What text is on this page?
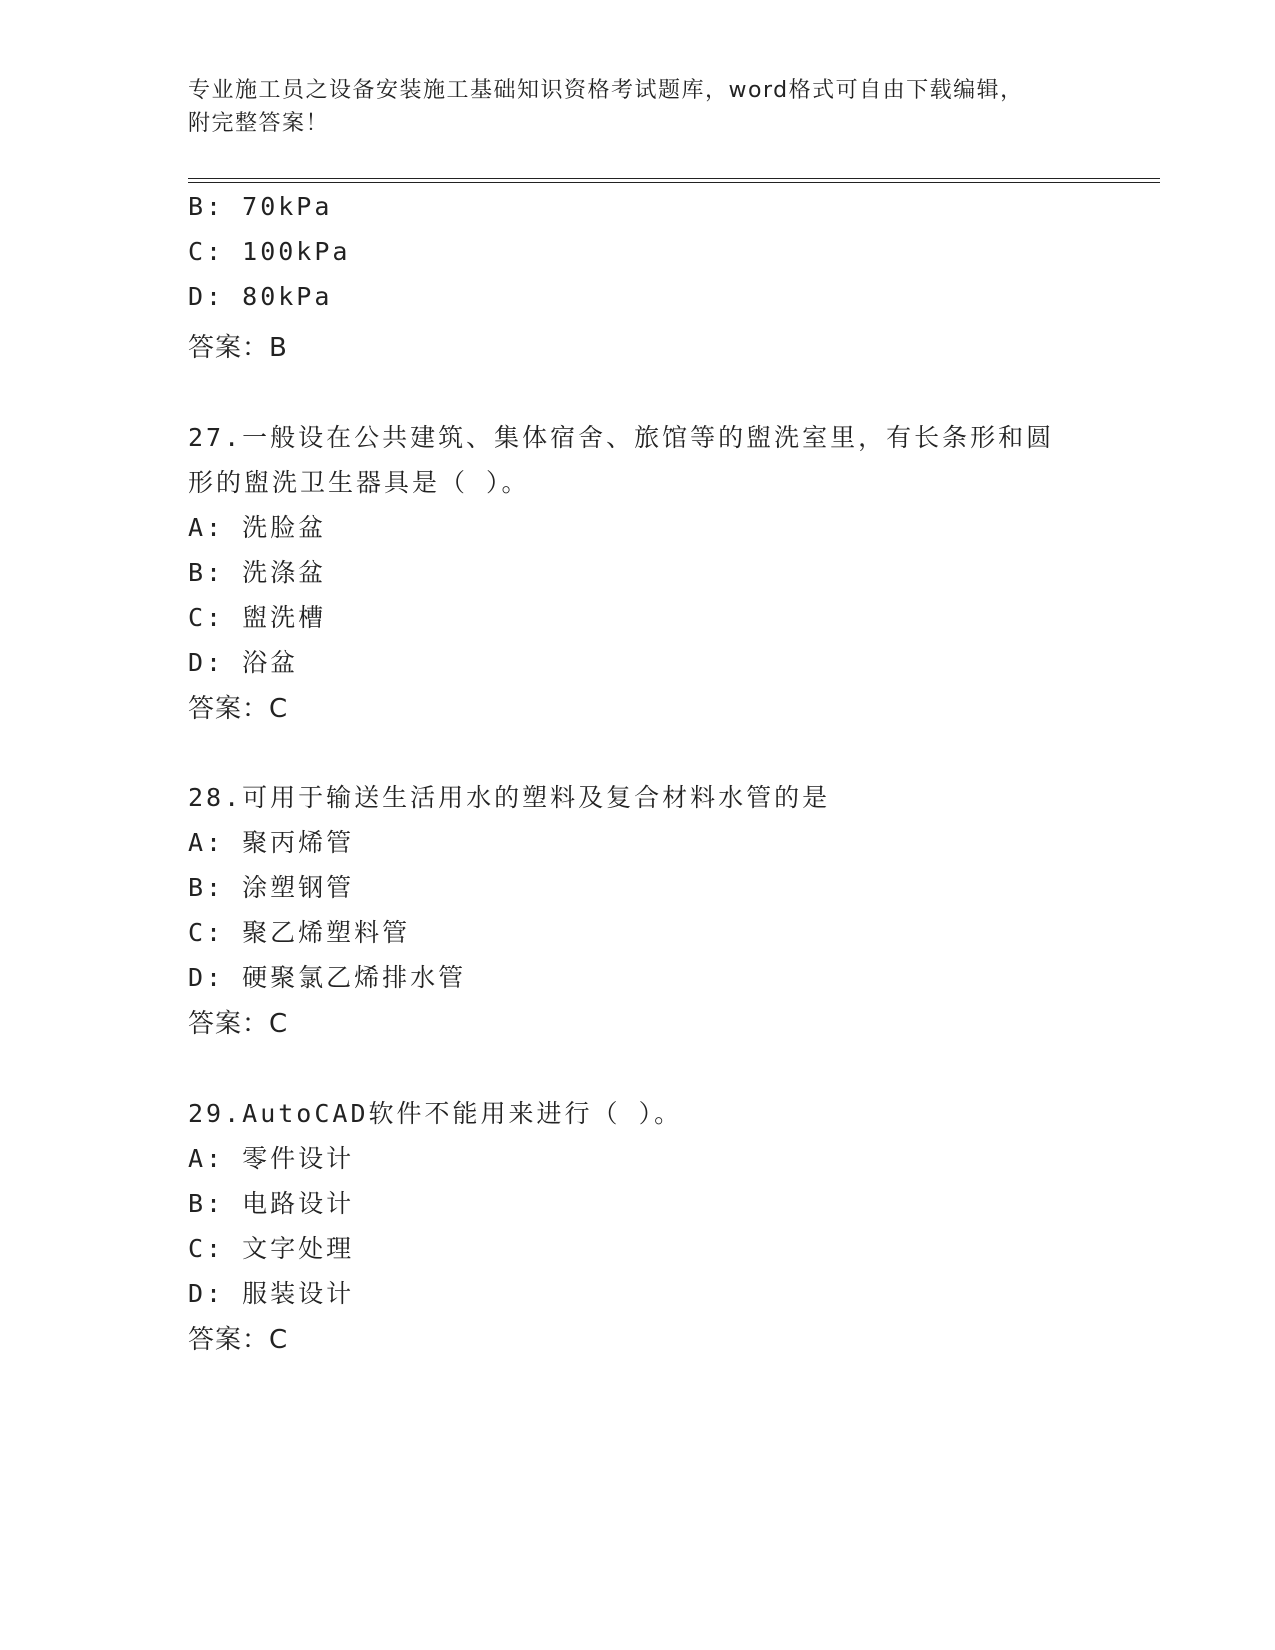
专业施工员之设备安装施工基础知识资格考试题库，word格式可自由下载编辑，
附完整答案！
B: 70kPa
C: 100kPa
D: 80kPa
答案：B
27.一般设在公共建筑、集体宿舍、旅馆等的盥洗室里，有长条形和圆
形的盥洗卫生器具是（ ）。
A: 洗脸盆
B: 洗涤盆
C: 盥洗槽
D: 浴盆
答案：C
28.可用于输送生活用水的塑料及复合材料水管的是
A: 聚丙烯管
B: 涂塑钢管
C: 聚乙烯塑料管
D: 硬聚氯乙烯排水管
答案：C
29.AutoCAD软件不能用来进行（ ）。
A: 零件设计
B: 电路设计
C: 文字处理
D: 服装设计
答案：C
